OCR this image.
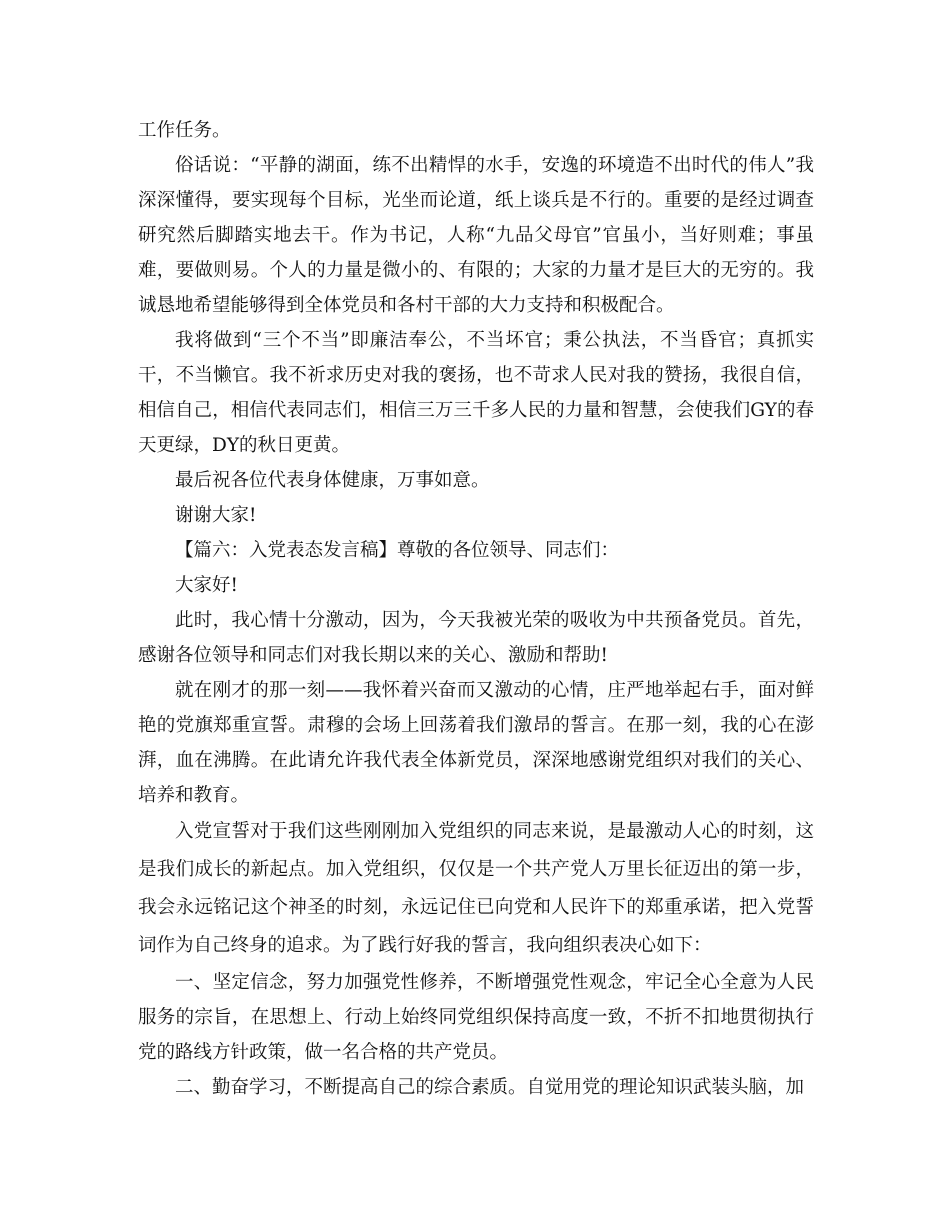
工作任务。

俗话说：“平静的湖面，练不出精悍的水手，安逸的环境造不出时代的伟人”我深深懂得，要实现每个目标，光坐而论道，纸上谈兵是不行的。重要的是经过调查研究然后脚踏实地去干。作为书记，人称“九品父母官”官虽小，当好则难；事虽难，要做则易。个人的力量是微小的、有限的；大家的力量才是巨大的无穷的。我诚恳地希望能够得到全体党员和各村干部的大力支持和积极配合。

我将做到“三个不当”即廉洁奉公，不当坏官；秉公执法，不当昏官；真抓实干，不当懒官。我不祈求历史对我的褒扬，也不苛求人民对我的赞扬，我很自信，相信自己，相信代表同志们，相信三万三千多人民的力量和智慧，会使我们GY的春天更绿，DY的秋日更黄。

最后祝各位代表身体健康，万事如意。

谢谢大家!

【篇六：入党表态发言稿】尊敬的各位领导、同志们：

大家好!

此时，我心情十分激动，因为，今天我被光荣的吸收为中共预备党员。首先，感谢各位领导和同志们对我长期以来的关心、激励和帮助!

就在刚才的那一刻——我怀着兴奋而又激动的心情，庄严地举起右手，面对鲜艳的党旗郑重宣誓。肃穆的会场上回荡着我们激昂的誓言。在那一刻，我的心在澎湃，血在沸腾。在此请允许我代表全体新党员，深深地感谢党组织对我们的关心、培养和教育。

入党宣誓对于我们这些刚刚加入党组织的同志来说，是最激动人心的时刻，这是我们成长的新起点。加入党组织，仅仅是一个共产党人万里长征迈出的第一步，我会永远铭记这个神圣的时刻，永远记住已向党和人民许下的郑重承诺，把入党誓词作为自己终身的追求。为了践行好我的誓言，我向组织表决心如下：

一、坚定信念，努力加强党性修养，不断增强党性观念，牢记全心全意为人民服务的宗旨，在思想上、行动上始终同党组织保持高度一致，不折不扣地贯彻执行党的路线方针政策，做一名合格的共产党员。

二、勤奋学习，不断提高自己的综合素质。自觉用党的理论知识武装头脑，加
